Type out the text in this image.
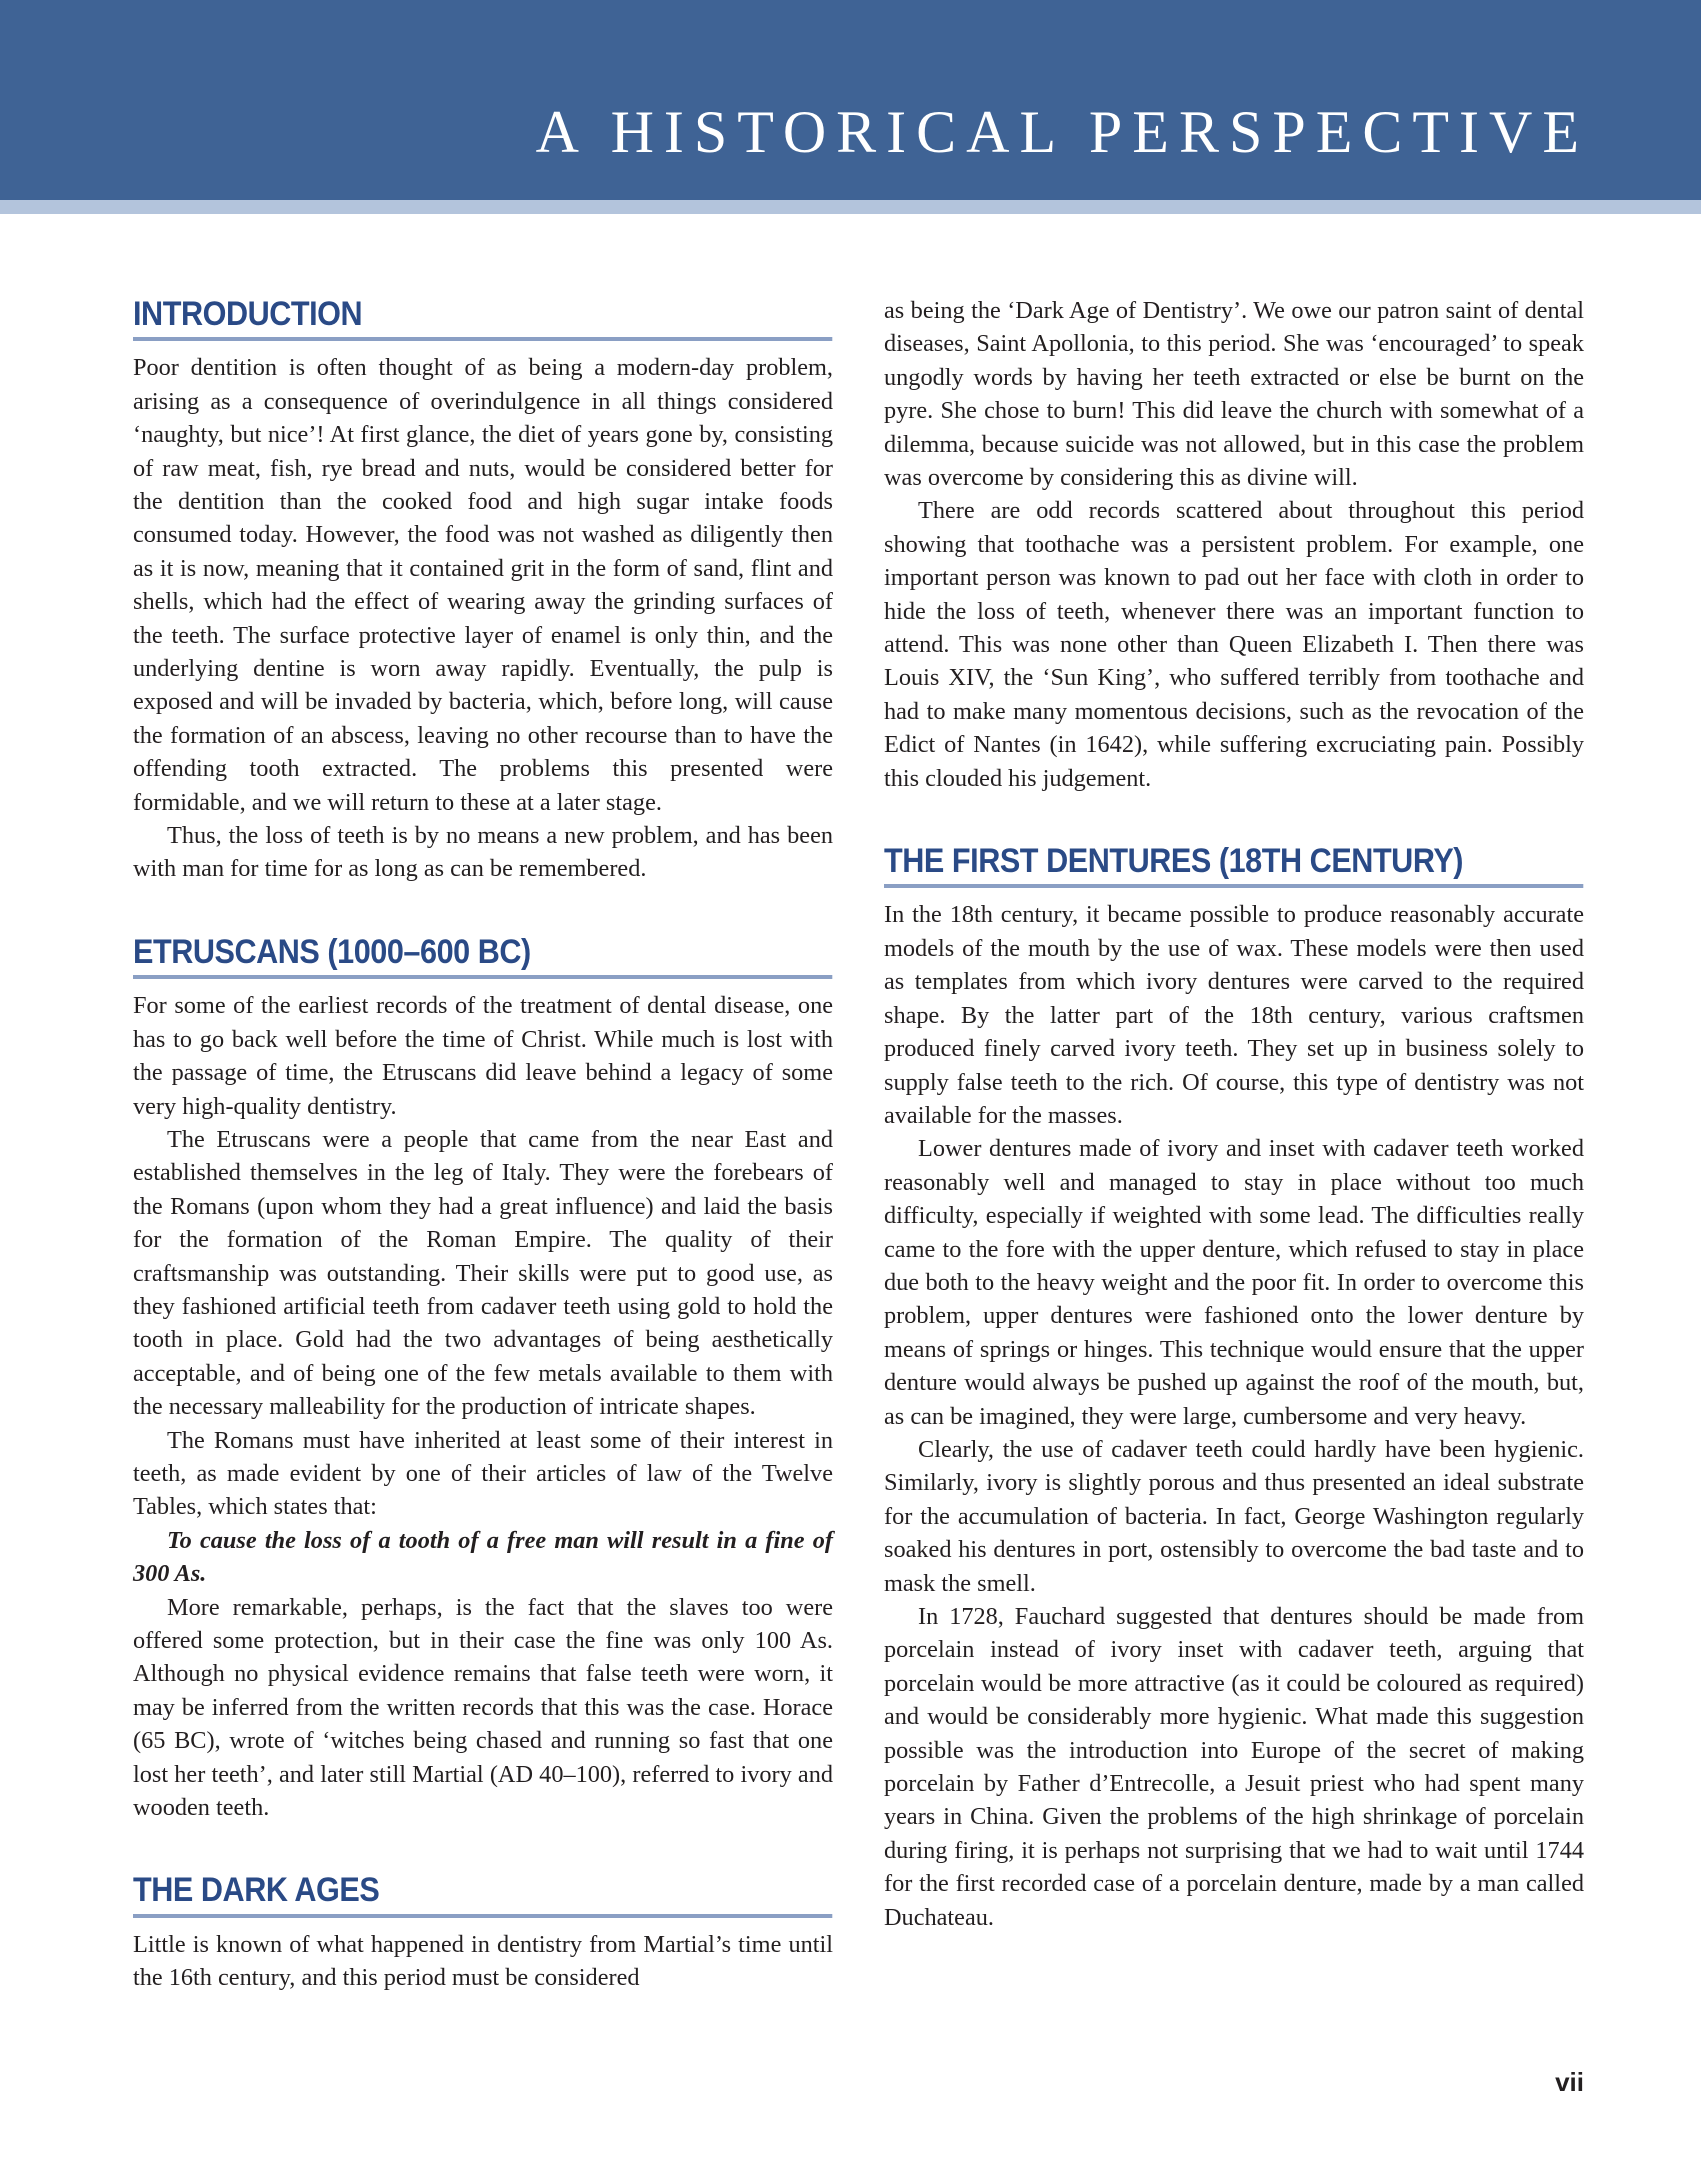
A HISTORICAL PERSPECTIVE
INTRODUCTION

Poor dentition is often thought of as being a modern-day problem, arising as a consequence of overindulgence in all things considered ‘naughty, but nice’! At first glance, the diet of years gone by, consisting of raw meat, fish, rye bread and nuts, would be considered better for the dentition than the cooked food and high sugar intake foods consumed today. However, the food was not washed as diligently then as it is now, meaning that it contained grit in the form of sand, flint and shells, which had the effect of wearing away the grinding surfaces of the teeth. The surface protective layer of enamel is only thin, and the underlying dentine is worn away rapidly. Eventually, the pulp is exposed and will be invaded by bacteria, which, before long, will cause the formation of an abscess, leaving no other recourse than to have the offending tooth extracted. The problems this presented were formidable, and we will return to these at a later stage.

Thus, the loss of teeth is by no means a new problem, and has been with man for time for as long as can be remembered.

ETRUSCANS (1000–600 BC)

For some of the earliest records of the treatment of dental disease, one has to go back well before the time of Christ. While much is lost with the passage of time, the Etruscans did leave behind a legacy of some very high-quality dentistry.

The Etruscans were a people that came from the near East and established themselves in the leg of Italy. They were the forebears of the Romans (upon whom they had a great influence) and laid the basis for the formation of the Roman Empire. The quality of their craftsmanship was outstanding. Their skills were put to good use, as they fashioned artificial teeth from cadaver teeth using gold to hold the tooth in place. Gold had the two advantages of being aesthetically acceptable, and of being one of the few metals available to them with the necessary malleability for the production of intricate shapes.

The Romans must have inherited at least some of their interest in teeth, as made evident by one of their articles of law of the Twelve Tables, which states that:

To cause the loss of a tooth of a free man will result in a fine of 300 As.

More remarkable, perhaps, is the fact that the slaves too were offered some protection, but in their case the fine was only 100 As. Although no physical evidence remains that false teeth were worn, it may be inferred from the written records that this was the case. Horace (65 BC), wrote of ‘witches being chased and running so fast that one lost her teeth’, and later still Martial (AD 40–100), referred to ivory and wooden teeth.

THE DARK AGES

Little is known of what happened in dentistry from Martial’s time until the 16th century, and this period must be considered

as being the ‘Dark Age of Dentistry’. We owe our patron saint of dental diseases, Saint Apollonia, to this period. She was ‘encouraged’ to speak ungodly words by having her teeth extracted or else be burnt on the pyre. She chose to burn! This did leave the church with somewhat of a dilemma, because suicide was not allowed, but in this case the problem was overcome by considering this as divine will.

There are odd records scattered about throughout this period showing that toothache was a persistent problem. For example, one important person was known to pad out her face with cloth in order to hide the loss of teeth, whenever there was an important function to attend. This was none other than Queen Elizabeth I. Then there was Louis XIV, the ‘Sun King’, who suffered terribly from toothache and had to make many momentous decisions, such as the revocation of the Edict of Nantes (in 1642), while suffering excruciating pain. Possibly this clouded his judgement.

THE FIRST DENTURES (18TH CENTURY)

In the 18th century, it became possible to produce reasonably accurate models of the mouth by the use of wax. These models were then used as templates from which ivory dentures were carved to the required shape. By the latter part of the 18th century, various craftsmen produced finely carved ivory teeth. They set up in business solely to supply false teeth to the rich. Of course, this type of dentistry was not available for the masses.

Lower dentures made of ivory and inset with cadaver teeth worked reasonably well and managed to stay in place without too much difficulty, especially if weighted with some lead. The difficulties really came to the fore with the upper denture, which refused to stay in place due both to the heavy weight and the poor fit. In order to overcome this problem, upper dentures were fashioned onto the lower denture by means of springs or hinges. This technique would ensure that the upper denture would always be pushed up against the roof of the mouth, but, as can be imagined, they were large, cumbersome and very heavy.

Clearly, the use of cadaver teeth could hardly have been hygienic. Similarly, ivory is slightly porous and thus presented an ideal substrate for the accumulation of bacteria. In fact, George Washington regularly soaked his dentures in port, ostensibly to overcome the bad taste and to mask the smell.

In 1728, Fauchard suggested that dentures should be made from porcelain instead of ivory inset with cadaver teeth, arguing that porcelain would be more attractive (as it could be coloured as required) and would be considerably more hygienic. What made this suggestion possible was the introduction into Europe of the secret of making porcelain by Father d’Entrecolle, a Jesuit priest who had spent many years in China. Given the problems of the high shrinkage of porcelain during firing, it is perhaps not surprising that we had to wait until 1744 for the first recorded case of a porcelain denture, made by a man called Duchateau.

vii
